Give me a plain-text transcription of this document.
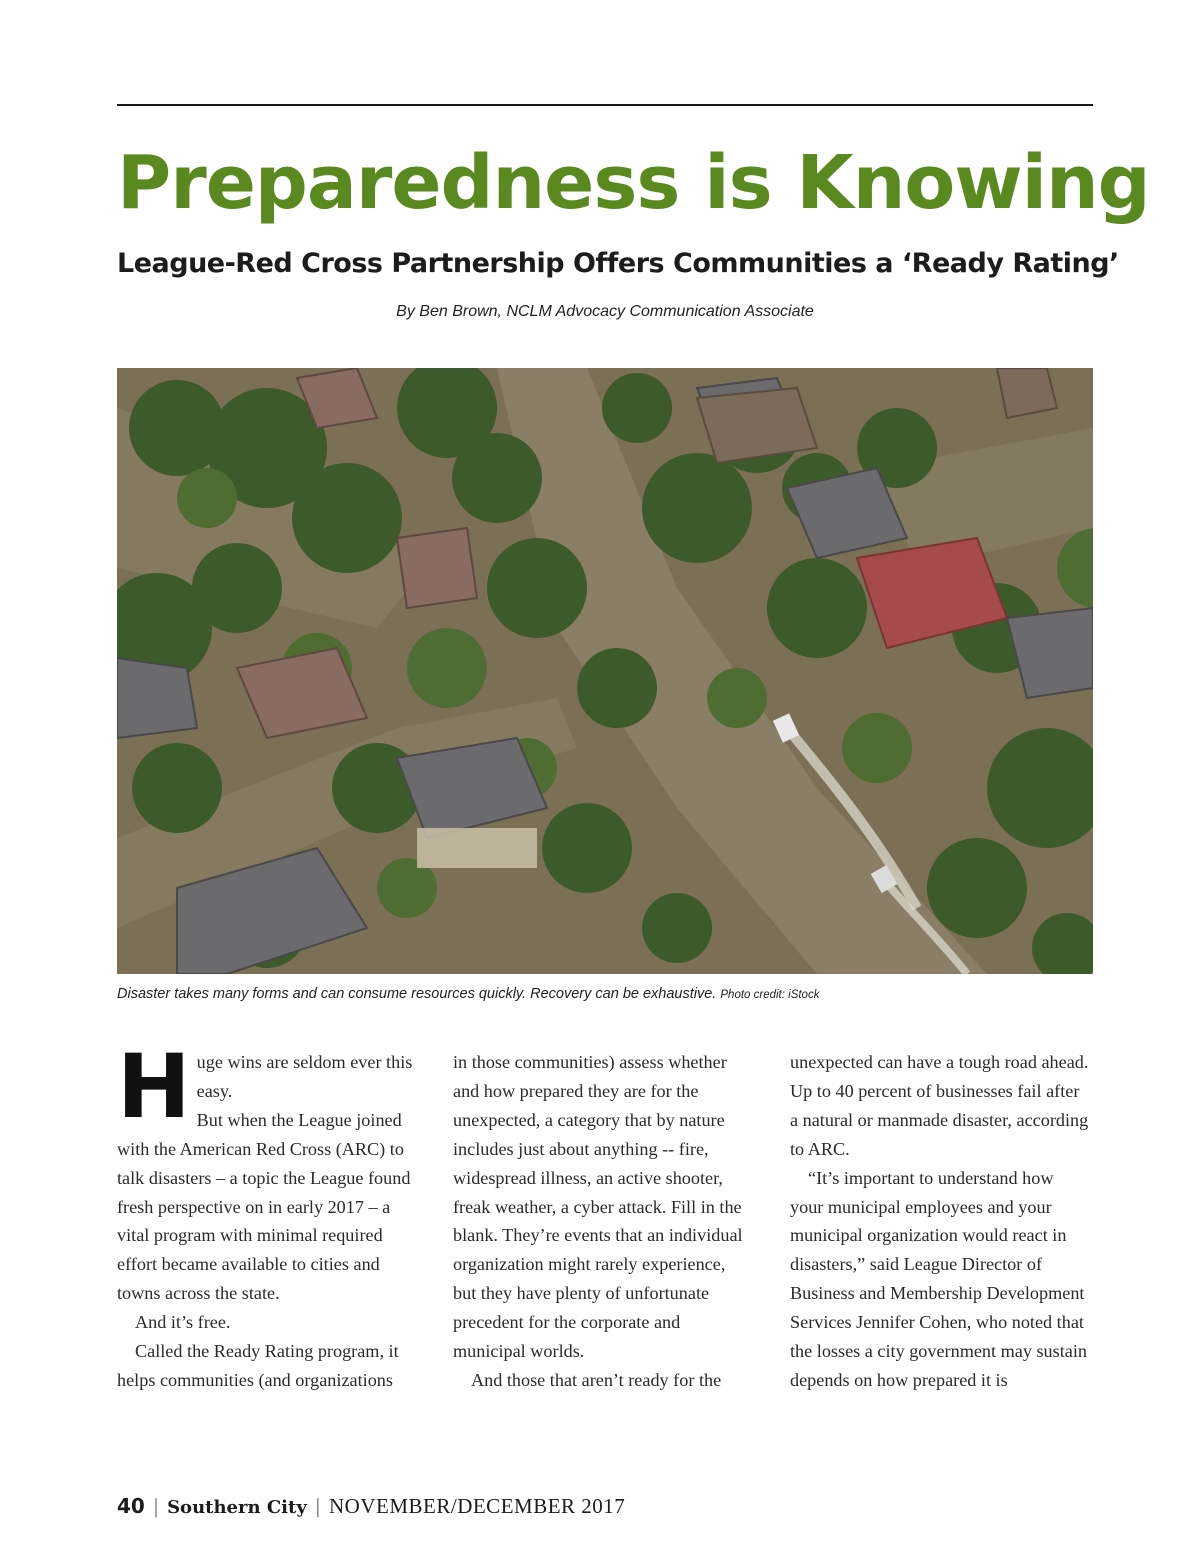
Preparedness is Knowing
League-Red Cross Partnership Offers Communities a ‘Ready Rating’
By Ben Brown, NCLM Advocacy Communication Associate
Disaster takes many forms and can consume resources quickly. Recovery can be exhaustive. Photo credit: iStock
H uge wins are seldom ever this easy.

But when the League joined with the American Red Cross (ARC) to talk disasters – a topic the League found fresh perspective on in early 2017 – a vital program with minimal required effort became available to cities and towns across the state.

And it’s free.

Called the Ready Rating program, it helps communities (and organizations

in those communities) assess whether and how prepared they are for the unexpected, a category that by nature includes just about anything -- fire, widespread illness, an active shooter, freak weather, a cyber attack. Fill in the blank. They’re events that an individual organization might rarely experience, but they have plenty of unfortunate precedent for the corporate and municipal worlds.

And those that aren’t ready for the

unexpected can have a tough road ahead. Up to 40 percent of businesses fail after a natural or manmade disaster, according to ARC.

“It’s important to understand how your municipal employees and your municipal organization would react in disasters,” said League Director of Business and Membership Development Services Jennifer Cohen, who noted that the losses a city government may sustain depends on how prepared it is

40 | Southern City | NOVEMBER/DECEMBER 2017
